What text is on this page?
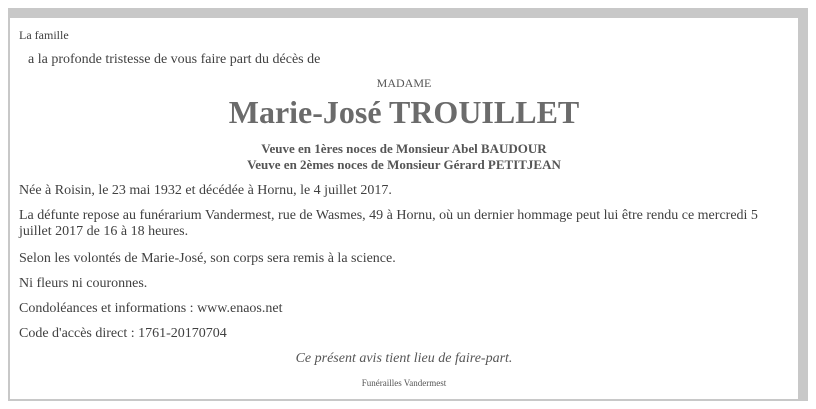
La famille
a la profonde tristesse de vous faire part du décès de
MADAME
Marie-José TROUILLET
Veuve en 1ères noces de Monsieur Abel BAUDOUR
Veuve en 2èmes noces de Monsieur Gérard PETITJEAN
Née à Roisin, le 23 mai 1932 et décédée à Hornu, le 4 juillet 2017.
La défunte repose au funérarium Vandermest, rue de Wasmes, 49 à Hornu, où un dernier hommage peut lui être rendu ce mercredi 5 juillet 2017 de 16 à 18 heures.
Selon les volontés de Marie-José, son corps sera remis à la science.
Ni fleurs ni couronnes.
Condoléances et informations : www.enaos.net
Code d'accès direct : 1761-20170704
Ce présent avis tient lieu de faire-part.
Funérailles Vandermest
